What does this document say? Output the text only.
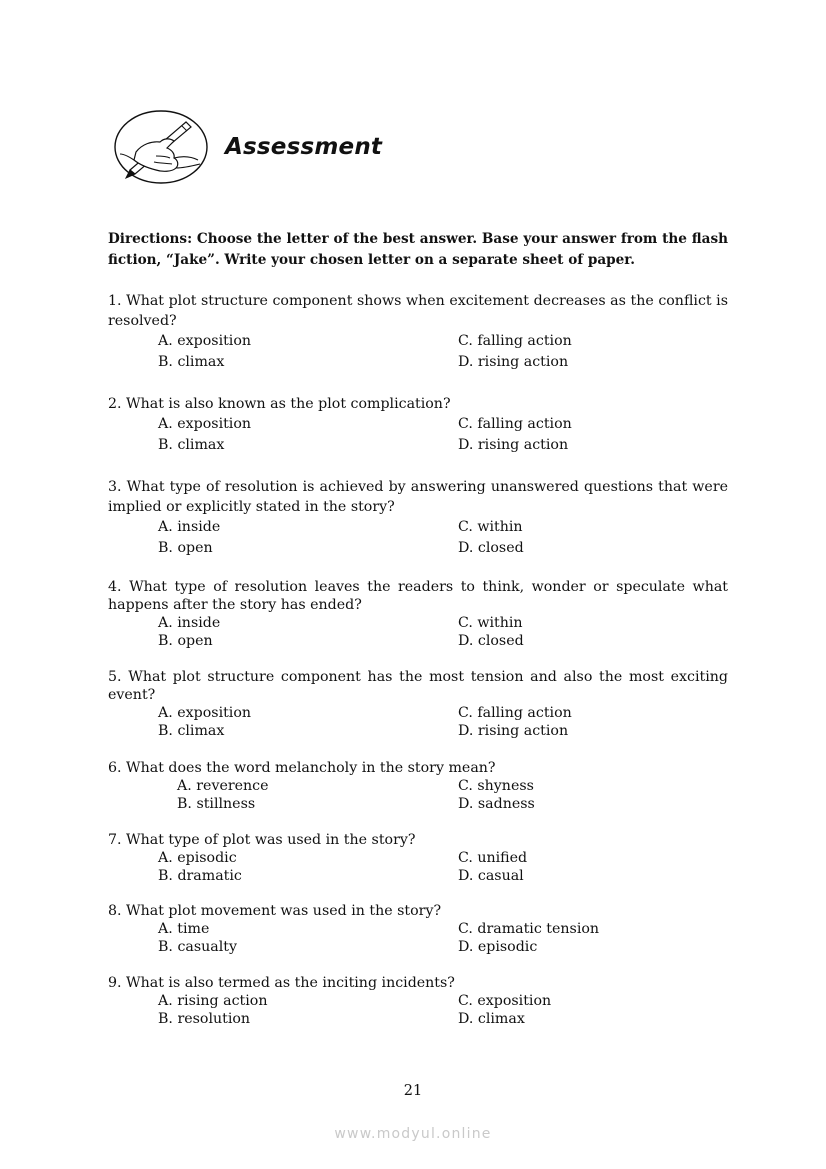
Assessment
Directions: Choose the letter of the best answer. Base your answer from the flash fiction, “Jake”. Write your chosen letter on a separate sheet of paper.
1. What plot structure component shows when excitement decreases as the conflict is resolved?
A. exposition	C. falling action
B. climax	D. rising action
2. What is also known as the plot complication?
A. exposition	C. falling action
B. climax	D. rising action
3. What type of resolution is achieved by answering unanswered questions that were implied or explicitly stated in the story?
A. inside	C. within
B. open	D. closed
4. What type of resolution leaves the readers to think, wonder or speculate what happens after the story has ended?
A. inside	C. within
B. open	D. closed
5. What plot structure component has the most tension and also the most exciting event?
A. exposition	C. falling action
B. climax	D. rising action
6. What does the word melancholy in the story mean?
A. reverence	C. shyness
B. stillness	D. sadness
7. What type of plot was used in the story?
A. episodic	C. unified
B. dramatic	D. casual
8. What plot movement was used in the story?
A. time	C. dramatic tension
B. casualty	D. episodic
9. What is also termed as the inciting incidents?
A. rising action	C. exposition
B. resolution	D. climax
21
www.modyul.online
